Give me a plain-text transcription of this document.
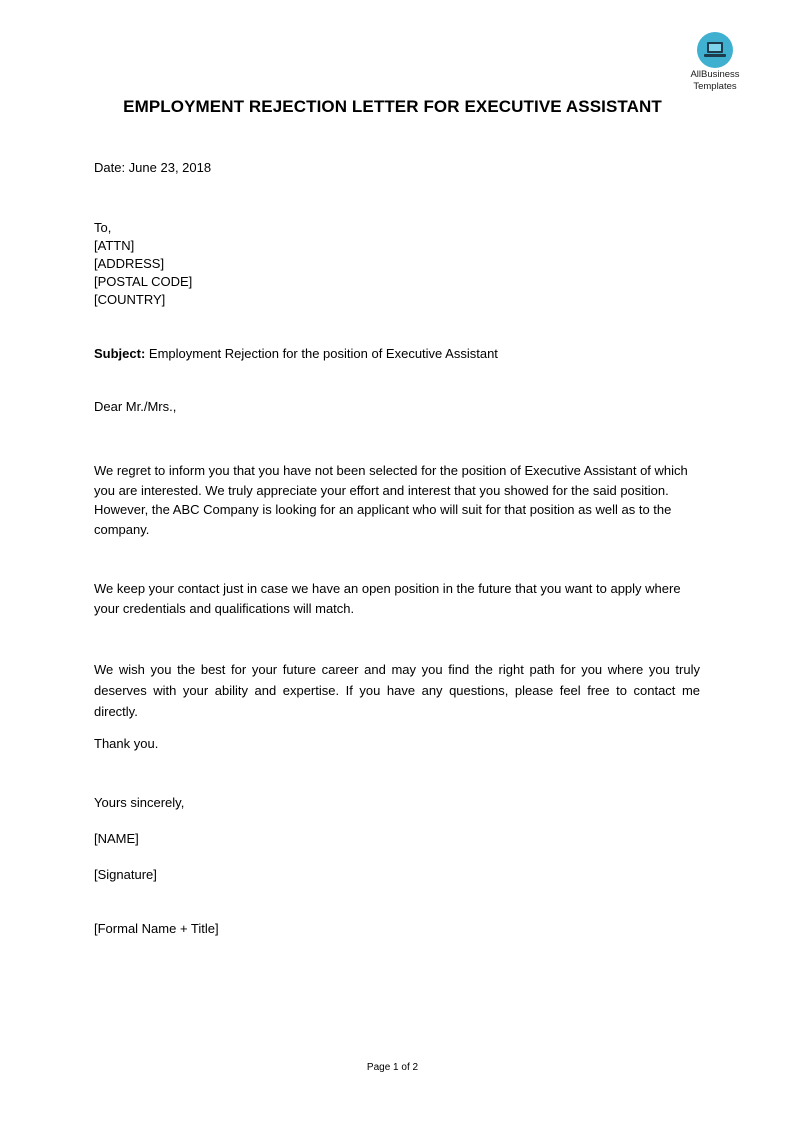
AllBusiness
Templates
EMPLOYMENT REJECTION LETTER FOR EXECUTIVE ASSISTANT

Date: June 23, 2018

To,

[ATTN]

[ADDRESS]

[POSTAL CODE]

[COUNTRY]

Subject: Employment Rejection for the position of Executive Assistant

Dear Mr./Mrs.,

We regret to inform you that you have not been selected for the position of Executive Assistant of which you are interested. We truly appreciate your effort and interest that you showed for the said position. However, the ABC Company is looking for an applicant who will suit for that position as well as to the company.

We keep your contact just in case we have an open position in the future that you want to apply where your credentials and qualifications will match.

We wish you the best for your future career and may you find the right path for you where you truly deserves with your ability and expertise. If you have any questions, please feel free to contact me directly.

Thank you.

Yours sincerely,

[NAME]

[Signature]

[Formal Name + Title]

Page 1 of 2
